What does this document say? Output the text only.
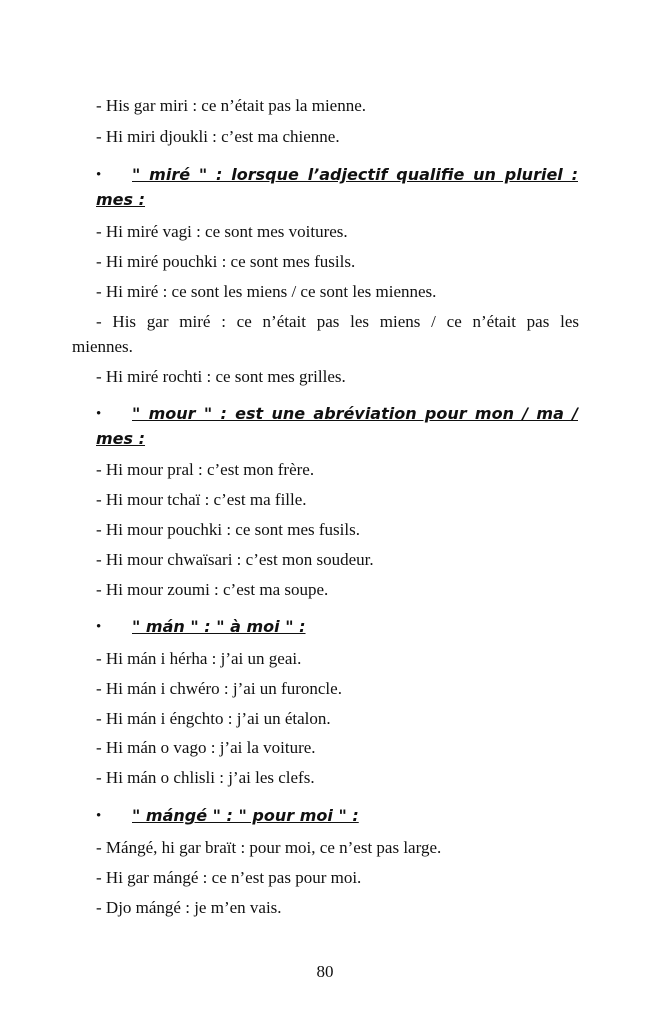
- His gar miri : ce n’était pas la mienne.
- Hi miri djoukli : c’est ma chienne.
• " miré " : lorsque l’adjectif qualifie un pluriel :
mes :
- Hi miré vagi : ce sont mes voitures.
- Hi miré pouchki : ce sont mes fusils.
- Hi miré : ce sont les miens / ce sont les miennes.
- His gar miré : ce n’était pas les miens / ce n’était pas les
miennes.
- Hi miré rochti : ce sont mes grilles.
• " mour " : est une abréviation pour mon / ma /
mes :
- Hi mour pral : c’est mon frère.
- Hi mour tchaï : c’est ma fille.
- Hi mour pouchki : ce sont mes fusils.
- Hi mour chwaïsari : c’est mon soudeur.
- Hi mour zoumi : c’est ma soupe.
• " mán " : " à moi " :
- Hi mán i hérha : j’ai un geai.
- Hi mán i chwéro : j’ai un furoncle.
- Hi mán i éngchto : j’ai un étalon.
- Hi mán o vago : j’ai la voiture.
- Hi mán o chlisli : j’ai les clefs.
• " mángé " : " pour moi " :
- Mángé, hi gar braït : pour moi, ce n’est pas large.
- Hi gar mángé : ce n’est pas pour moi.
- Djo mángé : je m’en vais.
80
